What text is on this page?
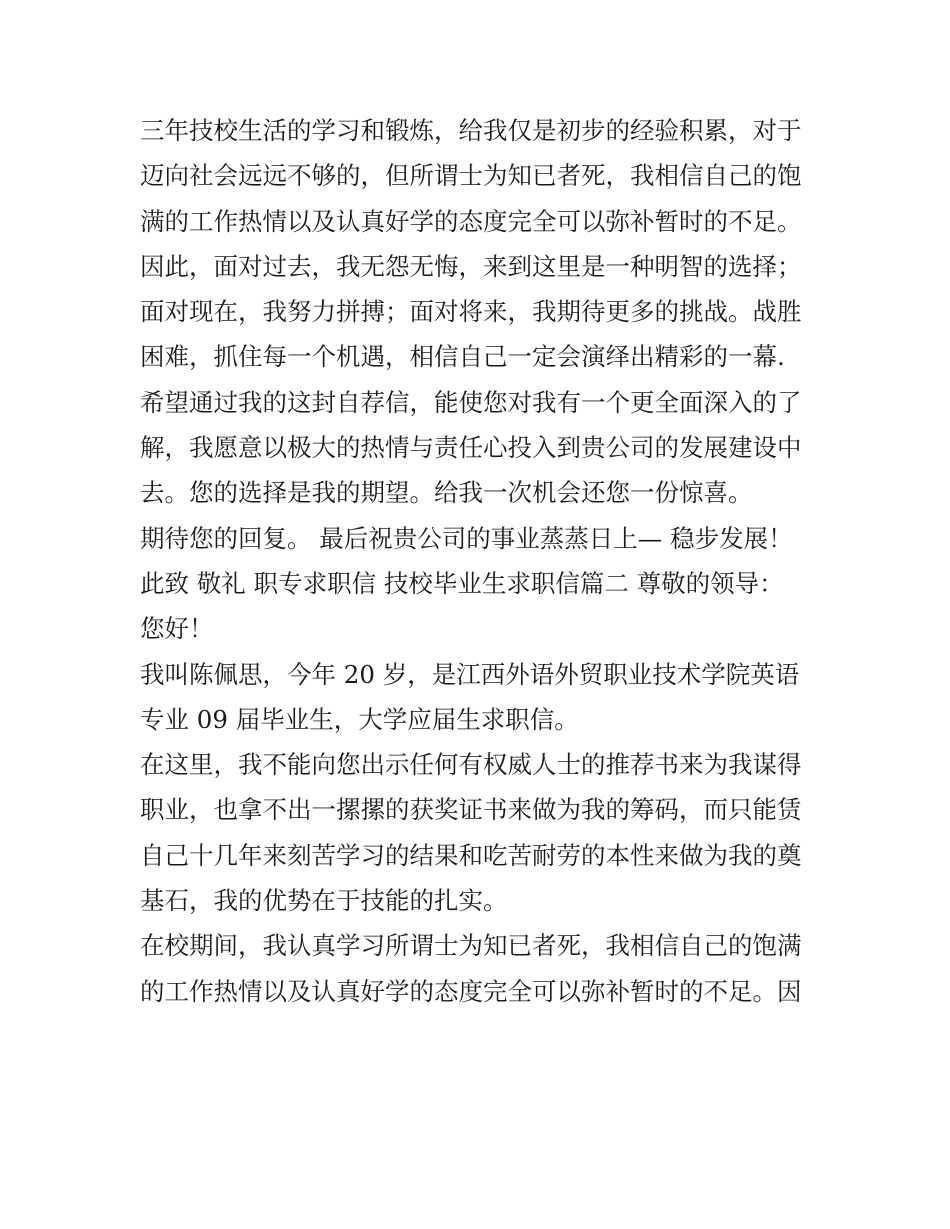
三年技校生活的学习和锻炼，给我仅是初步的经验积累，对于
迈向社会远远不够的，但所谓士为知已者死，我相信自己的饱
满的工作热情以及认真好学的态度完全可以弥补暂时的不足。
因此，面对过去，我无怨无悔，来到这里是一种明智的选择；
面对现在，我努力拼搏；面对将来，我期待更多的挑战。战胜
困难，抓住每一个机遇，相信自己一定会演绎出精彩的一幕.
希望通过我的这封自荐信，能使您对我有一个更全面深入的了
解，我愿意以极大的热情与责任心投入到贵公司的发展建设中
去。您的选择是我的期望。给我一次机会还您一份惊喜。
期待您的回复。 最后祝贵公司的事业蒸蒸日上— 稳步发展！
此致 敬礼 职专求职信 技校毕业生求职信篇二 尊敬的领导：
您好！
我叫陈佩思，今年 20 岁，是江西外语外贸职业技术学院英语
专业 09 届毕业生，大学应届生求职信。
在这里，我不能向您出示任何有权威人士的推荐书来为我谋得
职业，也拿不出一摞摞的获奖证书来做为我的筹码，而只能赁
自己十几年来刻苦学习的结果和吃苦耐劳的本性来做为我的奠
基石，我的优势在于技能的扎实。
在校期间，我认真学习所谓士为知已者死，我相信自己的饱满
的工作热情以及认真好学的态度完全可以弥补暂时的不足。因
